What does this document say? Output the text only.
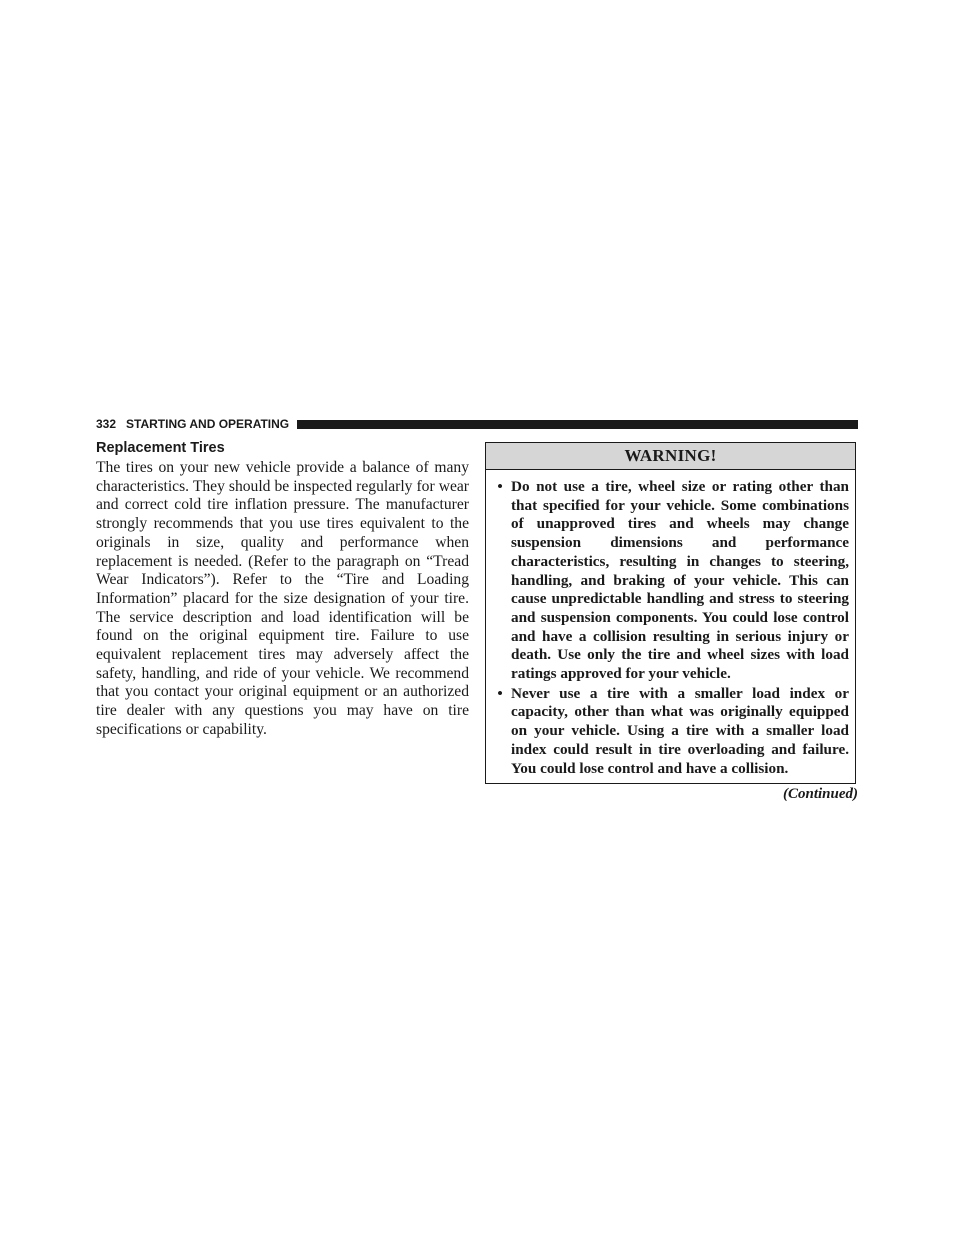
332 STARTING AND OPERATING
Replacement Tires

The tires on your new vehicle provide a balance of many characteristics. They should be inspected regularly for wear and correct cold tire inflation pressure. The manufacturer strongly recommends that you use tires equivalent to the originals in size, quality and performance when replacement is needed. (Refer to the paragraph on “Tread Wear Indicators”). Refer to the “Tire and Loading Information” placard for the size designation of your tire. The service description and load identification will be found on the original equipment tire. Failure to use equivalent replacement tires may adversely affect the safety, handling, and ride of your vehicle. We recommend that you contact your original equipment or an authorized tire dealer with any questions you may have on tire specifications or capability.

WARNING!
• Do not use a tire, wheel size or rating other than that specified for your vehicle. Some combinations of unapproved tires and wheels may change suspension dimensions and performance characteristics, resulting in changes to steering, handling, and braking of your vehicle. This can cause unpredictable handling and stress to steering and suspension components. You could lose control and have a collision resulting in serious injury or death. Use only the tire and wheel sizes with load ratings approved for your vehicle.
• Never use a tire with a smaller load index or capacity, other than what was originally equipped on your vehicle. Using a tire with a smaller load index could result in tire overloading and failure. You could lose control and have a collision.
(Continued)
